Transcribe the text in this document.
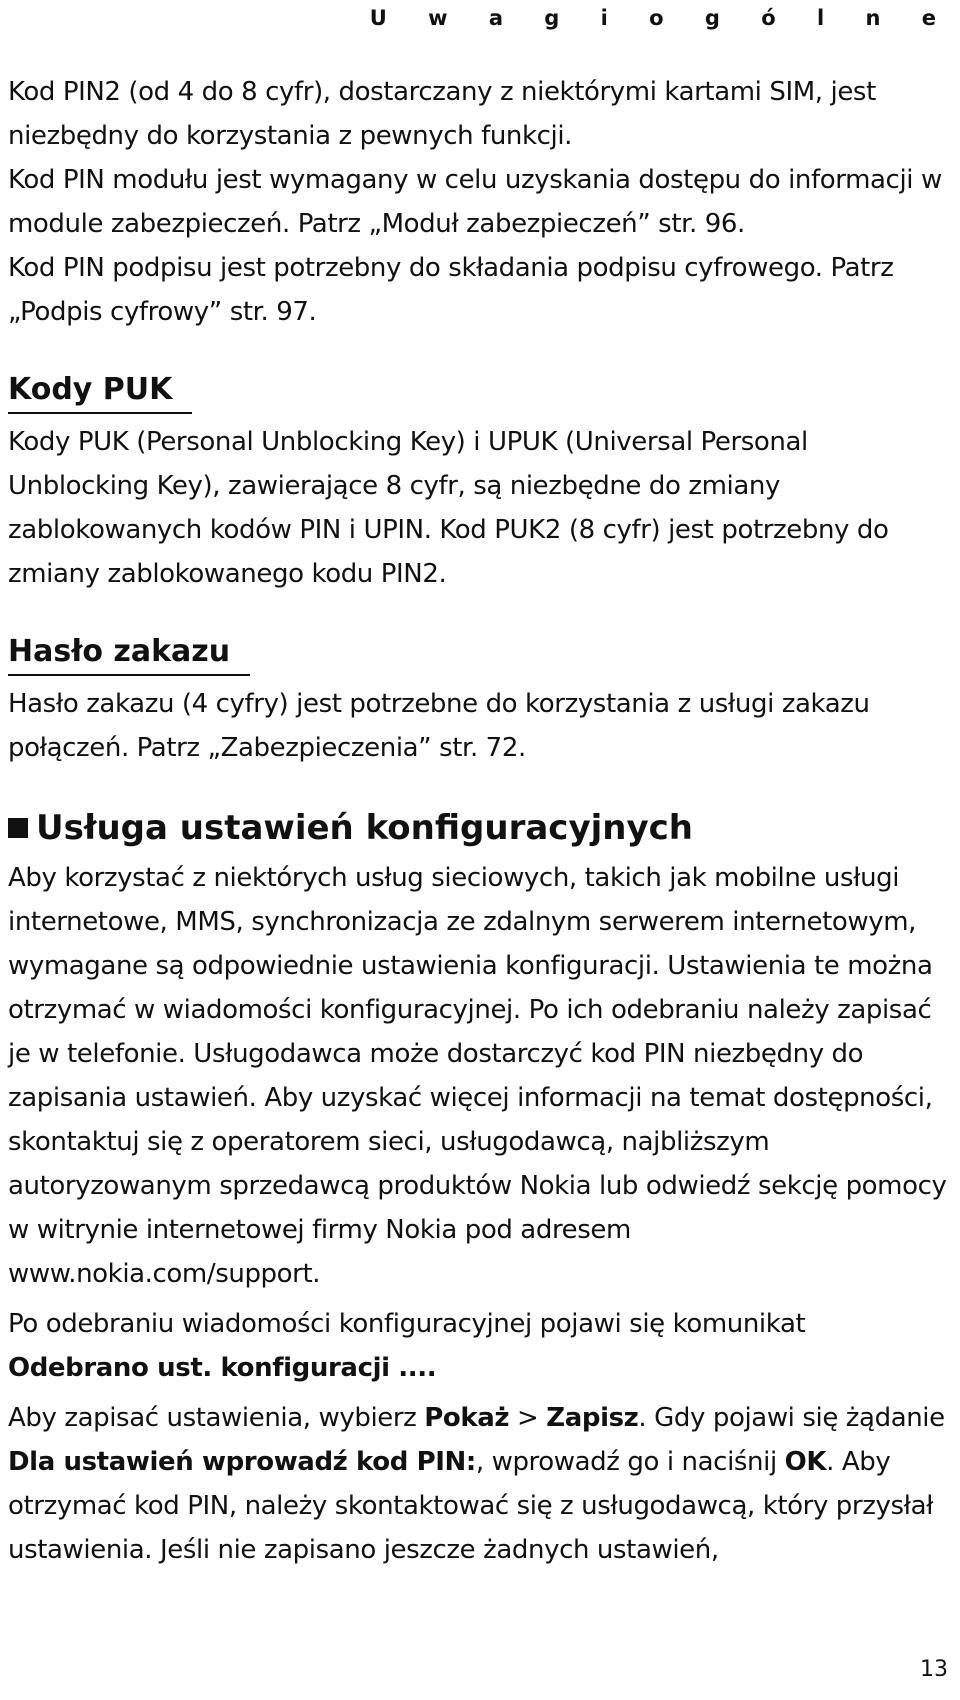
U w a g i o g ó l n e

Kod PIN2 (od 4 do 8 cyfr), dostarczany z niektórymi kartami SIM, jest niezbędny do korzystania z pewnych funkcji.

Kod PIN modułu jest wymagany w celu uzyskania dostępu do informacji w module zabezpieczeń. Patrz „Moduł zabezpieczeń” str. 96.

Kod PIN podpisu jest potrzebny do składania podpisu cyfrowego. Patrz „Podpis cyfrowy” str. 97.

Kody PUK

Kody PUK (Personal Unblocking Key) i UPUK (Universal Personal Unblocking Key), zawierające 8 cyfr, są niezbędne do zmiany zablokowanych kodów PIN i UPIN. Kod PUK2 (8 cyfr) jest potrzebny do zmiany zablokowanego kodu PIN2.

Hasło zakazu

Hasło zakazu (4 cyfry) jest potrzebne do korzystania z usługi zakazu połączeń. Patrz „Zabezpieczenia” str. 72.

Usługa ustawień konfiguracyjnych

Aby korzystać z niektórych usług sieciowych, takich jak mobilne usługi internetowe, MMS, synchronizacja ze zdalnym serwerem internetowym, wymagane są odpowiednie ustawienia konfiguracji. Ustawienia te można otrzymać w wiadomości konfiguracyjnej. Po ich odebraniu należy zapisać je w telefonie. Usługodawca może dostarczyć kod PIN niezbędny do zapisania ustawień. Aby uzyskać więcej informacji na temat dostępności, skontaktuj się z operatorem sieci, usługodawcą, najbliższym autoryzowanym sprzedawcą produktów Nokia lub odwiedź sekcję pomocy w witrynie internetowej firmy Nokia pod adresem www.nokia.com/support.

Po odebraniu wiadomości konfiguracyjnej pojawi się komunikat
Odebrano ust. konfiguracji ....

Aby zapisać ustawienia, wybierz Pokaż > Zapisz. Gdy pojawi się żądanie Dla ustawień wprowadź kod PIN:, wprowadź go i naciśnij OK. Aby otrzymać kod PIN, należy skontaktować się z usługodawcą, który przysłał ustawienia. Jeśli nie zapisano jeszcze żadnych ustawień,

13
